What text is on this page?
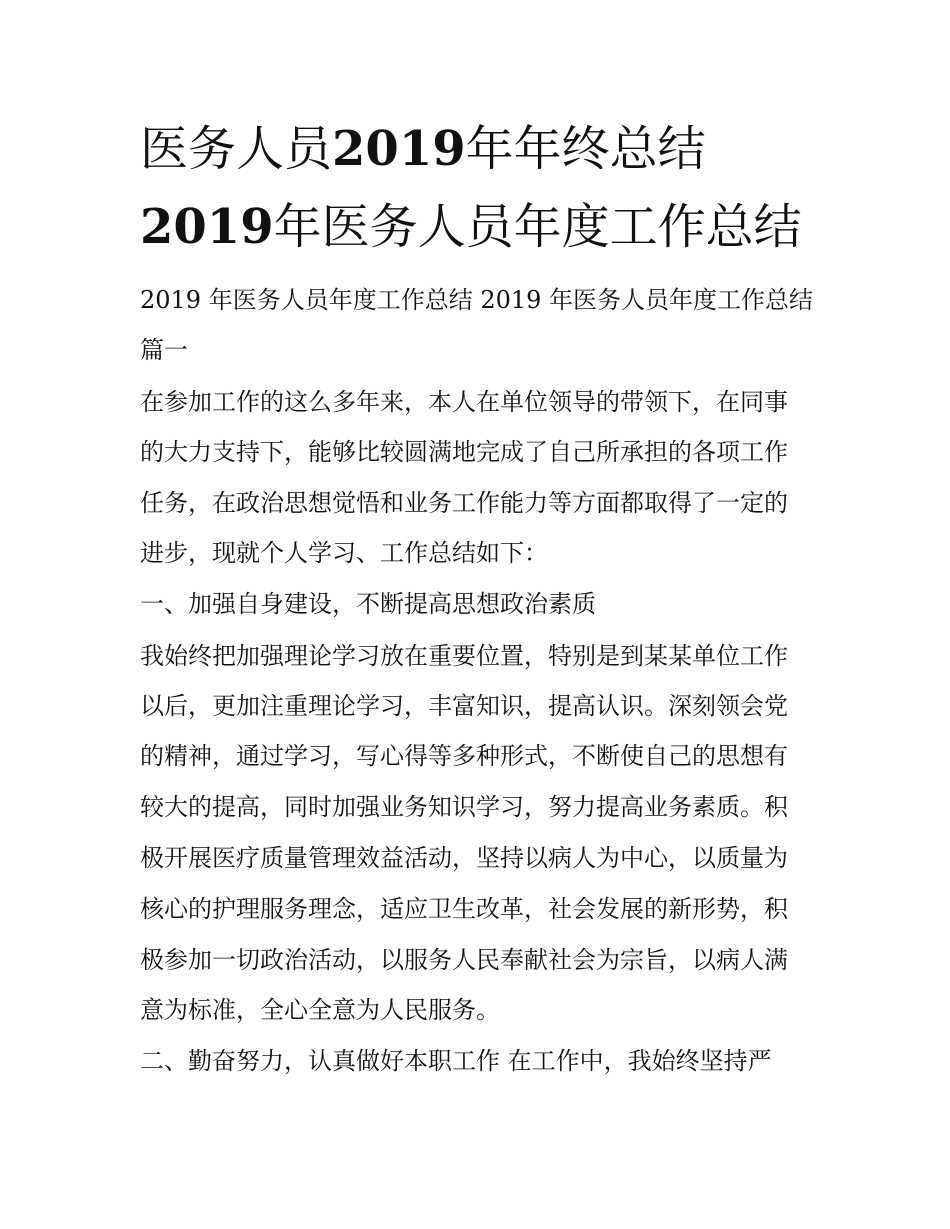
医务人员2019年年终总结
2019年医务人员年度工作总结
2019 年医务人员年度工作总结 2019 年医务人员年度工作总结
篇一
在参加工作的这么多年来，本人在单位领导的带领下，在同事
的大力支持下，能够比较圆满地完成了自己所承担的各项工作
任务，在政治思想觉悟和业务工作能力等方面都取得了一定的
进步，现就个人学习、工作总结如下：
一、加强自身建设，不断提高思想政治素质
我始终把加强理论学习放在重要位置，特别是到某某单位工作
以后，更加注重理论学习，丰富知识，提高认识。深刻领会党
的精神，通过学习，写心得等多种形式，不断使自己的思想有
较大的提高，同时加强业务知识学习，努力提高业务素质。积
极开展医疗质量管理效益活动，坚持以病人为中心，以质量为
核心的护理服务理念，适应卫生改革，社会发展的新形势，积
极参加一切政治活动，以服务人民奉献社会为宗旨，以病人满
意为标准，全心全意为人民服务。
二、勤奋努力，认真做好本职工作 在工作中，我始终坚持严
